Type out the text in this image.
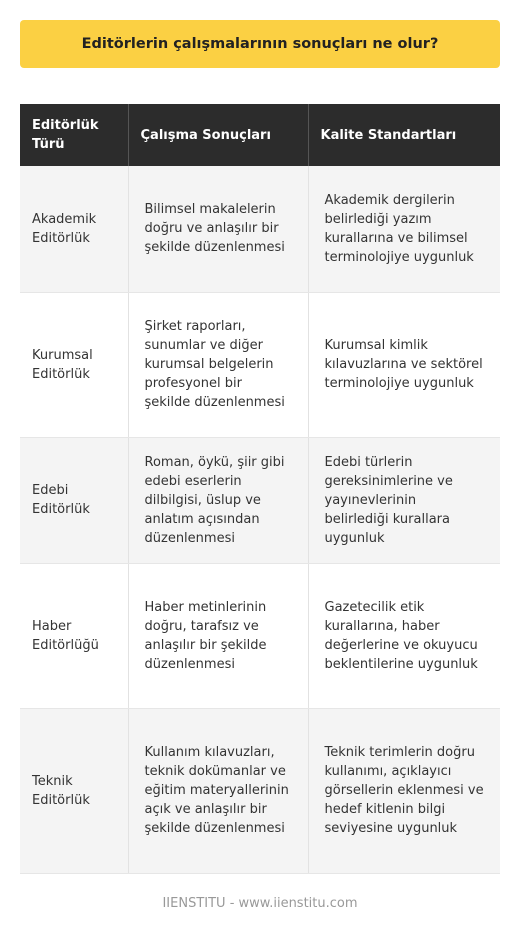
Editörlerin çalışmalarının sonuçları ne olur?
Editörlük Türü	Çalışma Sonuçları	Kalite Standartları
Akademik Editörlük	Bilimsel makalelerin doğru ve anlaşılır bir şekilde düzenlenmesi	Akademik dergilerin belirlediği yazım kurallarına ve bilimsel terminolojiye uygunluk
Kurumsal Editörlük	Şirket raporları, sunumlar ve diğer kurumsal belgelerin profesyonel bir şekilde düzenlenmesi	Kurumsal kimlik kılavuzlarına ve sektörel terminolojiye uygunluk
Edebi Editörlük	Roman, öykü, şiir gibi edebi eserlerin dilbilgisi, üslup ve anlatım açısından düzenlenmesi	Edebi türlerin gereksinimlerine ve yayınevlerinin belirlediği kurallara uygunluk
Haber Editörlüğü	Haber metinlerinin doğru, tarafsız ve anlaşılır bir şekilde düzenlenmesi	Gazetecilik etik kurallarına, haber değerlerine ve okuyucu beklentilerine uygunluk
Teknik Editörlük	Kullanım kılavuzları, teknik dokümanlar ve eğitim materyallerinin açık ve anlaşılır bir şekilde düzenlenmesi	Teknik terimlerin doğru kullanımı, açıklayıcı görsellerin eklenmesi ve hedef kitlenin bilgi seviyesine uygunluk
IIENSTITU - www.iienstitu.com
